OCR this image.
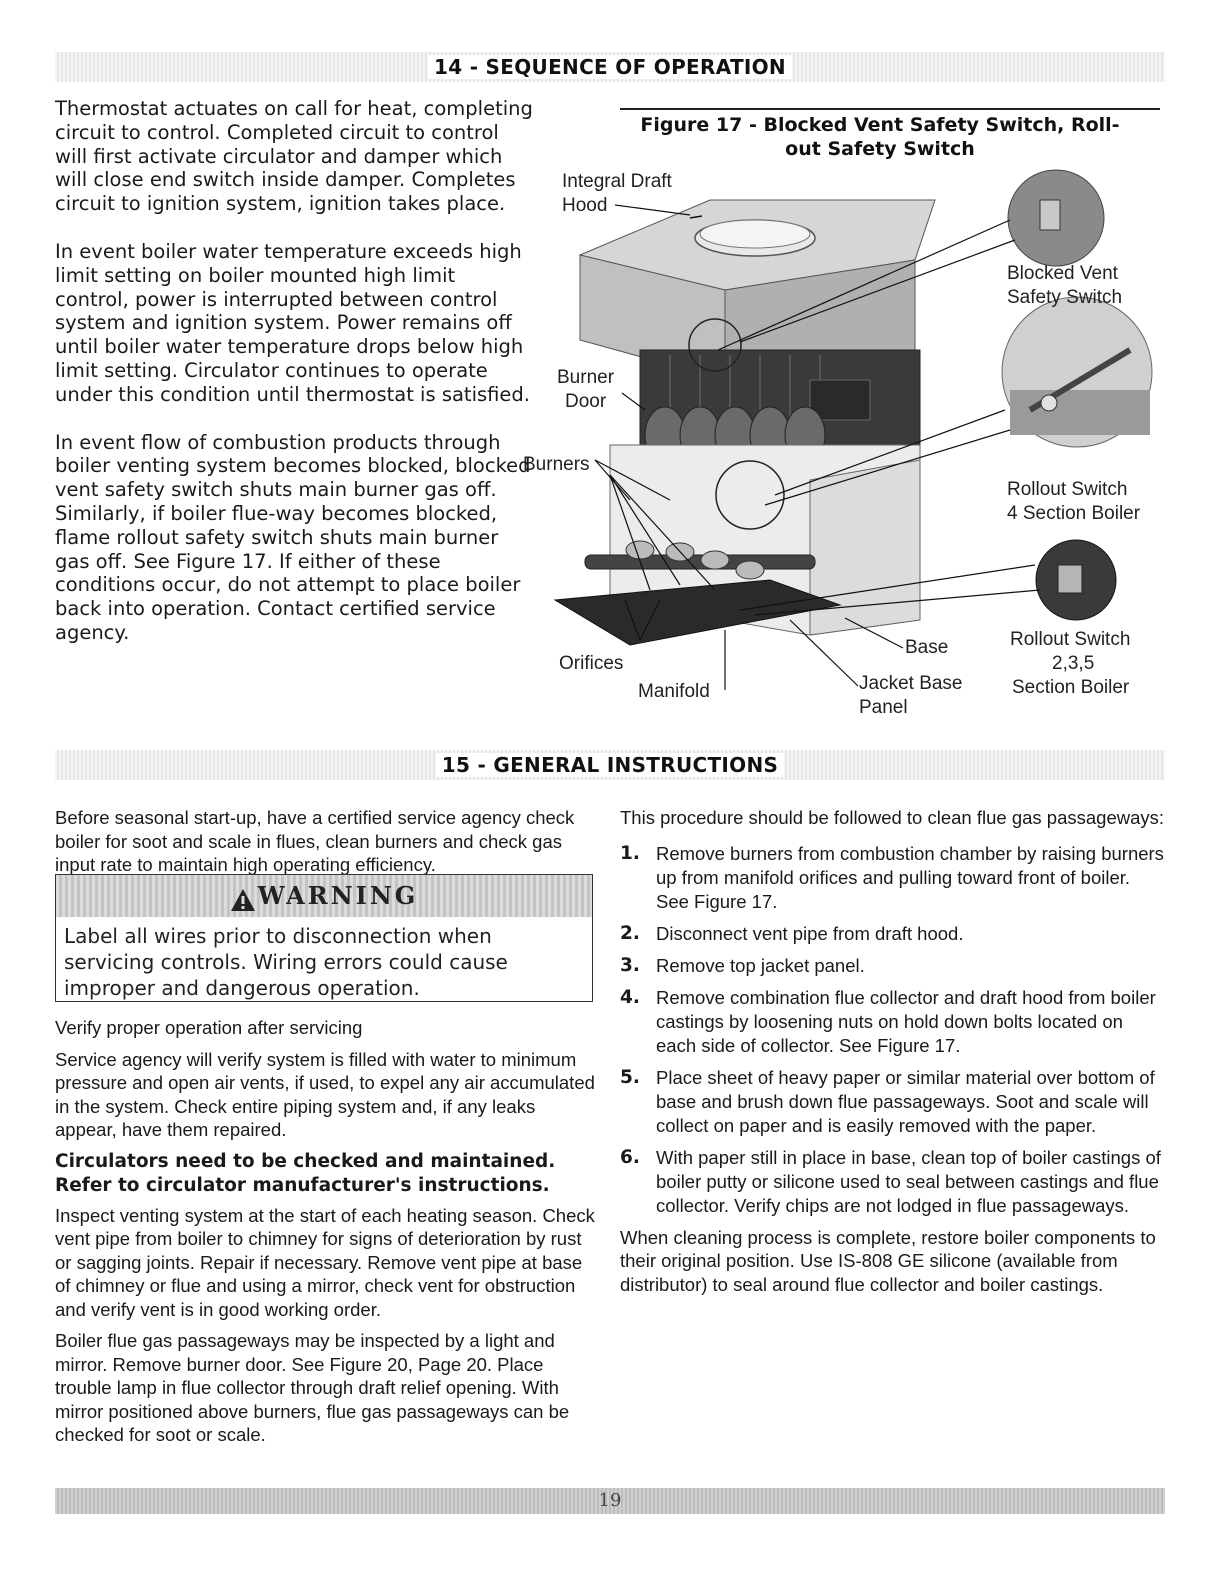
14 - SEQUENCE OF OPERATION

Thermostat actuates on call for heat, completing circuit to control. Completed circuit to control will first activate circulator and damper which will close end switch inside damper. Completes circuit to ignition system, ignition takes place.

In event boiler water temperature exceeds high limit setting on boiler mounted high limit control, power is interrupted between control system and ignition system. Power remains off until boiler water temperature drops below high limit setting. Circulator continues to operate under this condition until thermostat is satisfied.

In event flow of combustion products through boiler venting system becomes blocked, blocked vent safety switch shuts main burner gas off. Similarly, if boiler flue-way becomes blocked, flame rollout safety switch shuts main burner gas off. See Figure 17. If either of these conditions occur, do not attempt to place boiler back into operation. Contact certified service agency.

Figure 17 - Blocked Vent Safety Switch, Roll-
out Safety Switch
Integral Draft
Hood
Burner
Door
Burners
Orifices
Manifold
Base
Jacket Base
Panel
Blocked Vent
Safety Switch
Rollout Switch
4 Section Boiler
Rollout Switch
2,3,5
Section Boiler
15 - GENERAL INSTRUCTIONS

Before seasonal start-up, have a certified service agency check boiler for soot and scale in flues, clean burners and check gas input rate to maintain high operating efficiency.

WARNING
Label all wires prior to disconnection when servicing controls. Wiring errors could cause improper and dangerous operation.

Verify proper operation after servicing

Service agency will verify system is filled with water to minimum pressure and open air vents, if used, to expel any air accumulated in the system. Check entire piping system and, if any leaks appear, have them repaired.

Circulators need to be checked and maintained. Refer to circulator manufacturer's instructions.

Inspect venting system at the start of each heating season. Check vent pipe from boiler to chimney for signs of deterioration by rust or sagging joints. Repair if necessary. Remove vent pipe at base of chimney or flue and using a mirror, check vent for obstruction and verify vent is in good working order.

Boiler flue gas passageways may be inspected by a light and mirror. Remove burner door. See Figure 20, Page 20. Place trouble lamp in flue collector through draft relief opening. With mirror positioned above burners, flue gas passageways can be checked for soot or scale.

This procedure should be followed to clean flue gas passageways:

1. Remove burners from combustion chamber by raising burners up from manifold orifices and pulling toward front of boiler. See Figure 17.
2. Disconnect vent pipe from draft hood.
3. Remove top jacket panel.
4. Remove combination flue collector and draft hood from boiler castings by loosening nuts on hold down bolts located on each side of collector. See Figure 17.
5. Place sheet of heavy paper or similar material over bottom of base and brush down flue passageways. Soot and scale will collect on paper and is easily removed with the paper.
6. With paper still in place in base, clean top of boiler castings of boiler putty or silicone used to seal between castings and flue collector. Verify chips are not lodged in flue passageways.

When cleaning process is complete, restore boiler components to their original position. Use IS-808 GE silicone (available from distributor) to seal around flue collector and boiler castings.

19
